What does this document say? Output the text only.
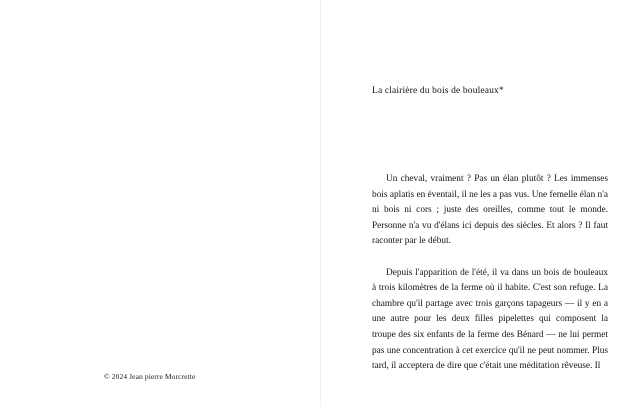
© 2024 Jean pierre Morcrette
La clairière du bois de bouleaux*

Un cheval, vraiment ? Pas un élan plutôt ? Les immenses bois aplatis en éventail, il ne les a pas vus. Une femelle élan n'a ni bois ni cors ; juste des oreilles, comme tout le monde. Personne n'a vu d'élans ici depuis des siècles. Et alors ? Il faut raconter par le début.

Depuis l'apparition de l'été, il va dans un bois de bouleaux à trois kilomètres de la ferme où il habite. C'est son refuge. La chambre qu'il partage avec trois garçons tapageurs — il y en a une autre pour les deux filles pipelettes qui composent la troupe des six enfants de la ferme des Bénard — ne lui permet pas une concentration à cet exercice qu'il ne peut nommer. Plus tard, il acceptera de dire que c'était une méditation rêveuse. Il
